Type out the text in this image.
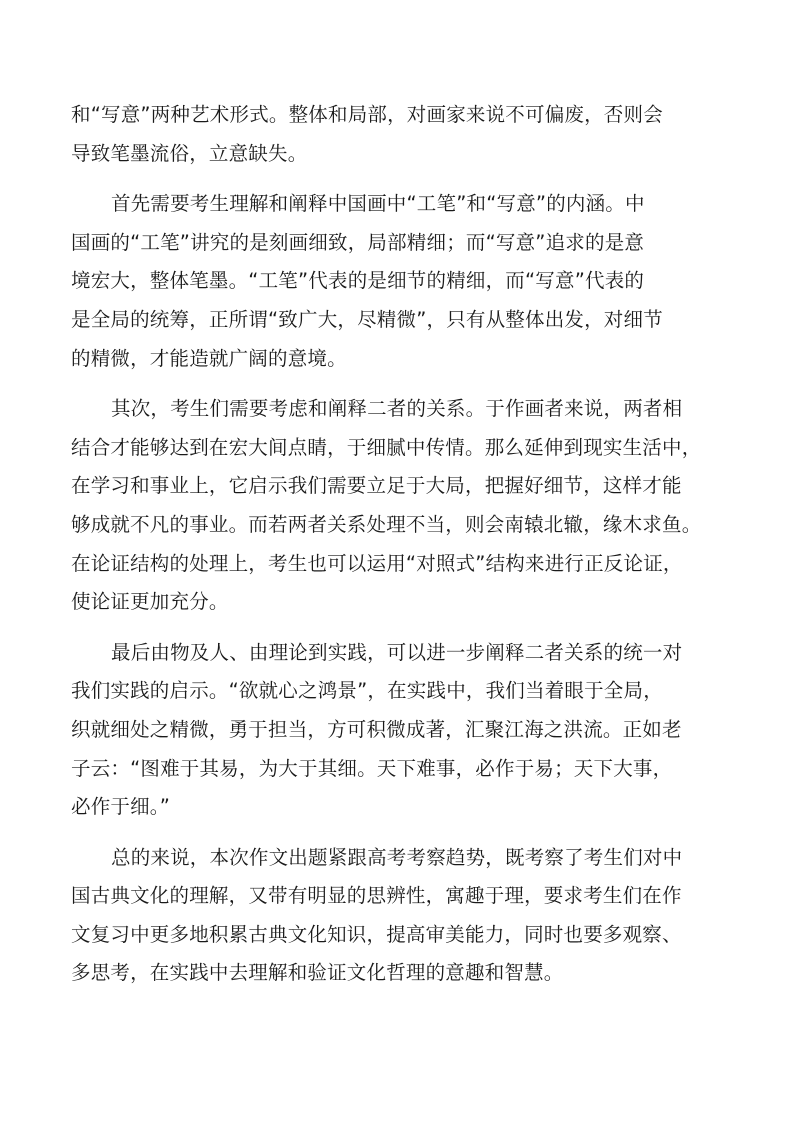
和“写意”两种艺术形式。整体和局部，对画家来说不可偏废，否则会
导致笔墨流俗，立意缺失。
首先需要考生理解和阐释中国画中“工笔”和“写意”的内涵。中
国画的“工笔”讲究的是刻画细致，局部精细；而“写意”追求的是意
境宏大，整体笔墨。“工笔”代表的是细节的精细，而“写意”代表的
是全局的统筹，正所谓“致广大，尽精微”，只有从整体出发，对细节
的精微，才能造就广阔的意境。
其次，考生们需要考虑和阐释二者的关系。于作画者来说，两者相
结合才能够达到在宏大间点睛，于细腻中传情。那么延伸到现实生活中，
在学习和事业上，它启示我们需要立足于大局，把握好细节，这样才能
够成就不凡的事业。而若两者关系处理不当，则会南辕北辙，缘木求鱼。
在论证结构的处理上，考生也可以运用“对照式”结构来进行正反论证，
使论证更加充分。
最后由物及人、由理论到实践，可以进一步阐释二者关系的统一对
我们实践的启示。“欲就心之鸿景”，在实践中，我们当着眼于全局，
织就细处之精微，勇于担当，方可积微成著，汇聚江海之洪流。正如老
子云：“图难于其易，为大于其细。天下难事，必作于易；天下大事，
必作于细。”
总的来说，本次作文出题紧跟高考考察趋势，既考察了考生们对中
国古典文化的理解，又带有明显的思辨性，寓趣于理，要求考生们在作
文复习中更多地积累古典文化知识，提高审美能力，同时也要多观察、
多思考，在实践中去理解和验证文化哲理的意趣和智慧。
